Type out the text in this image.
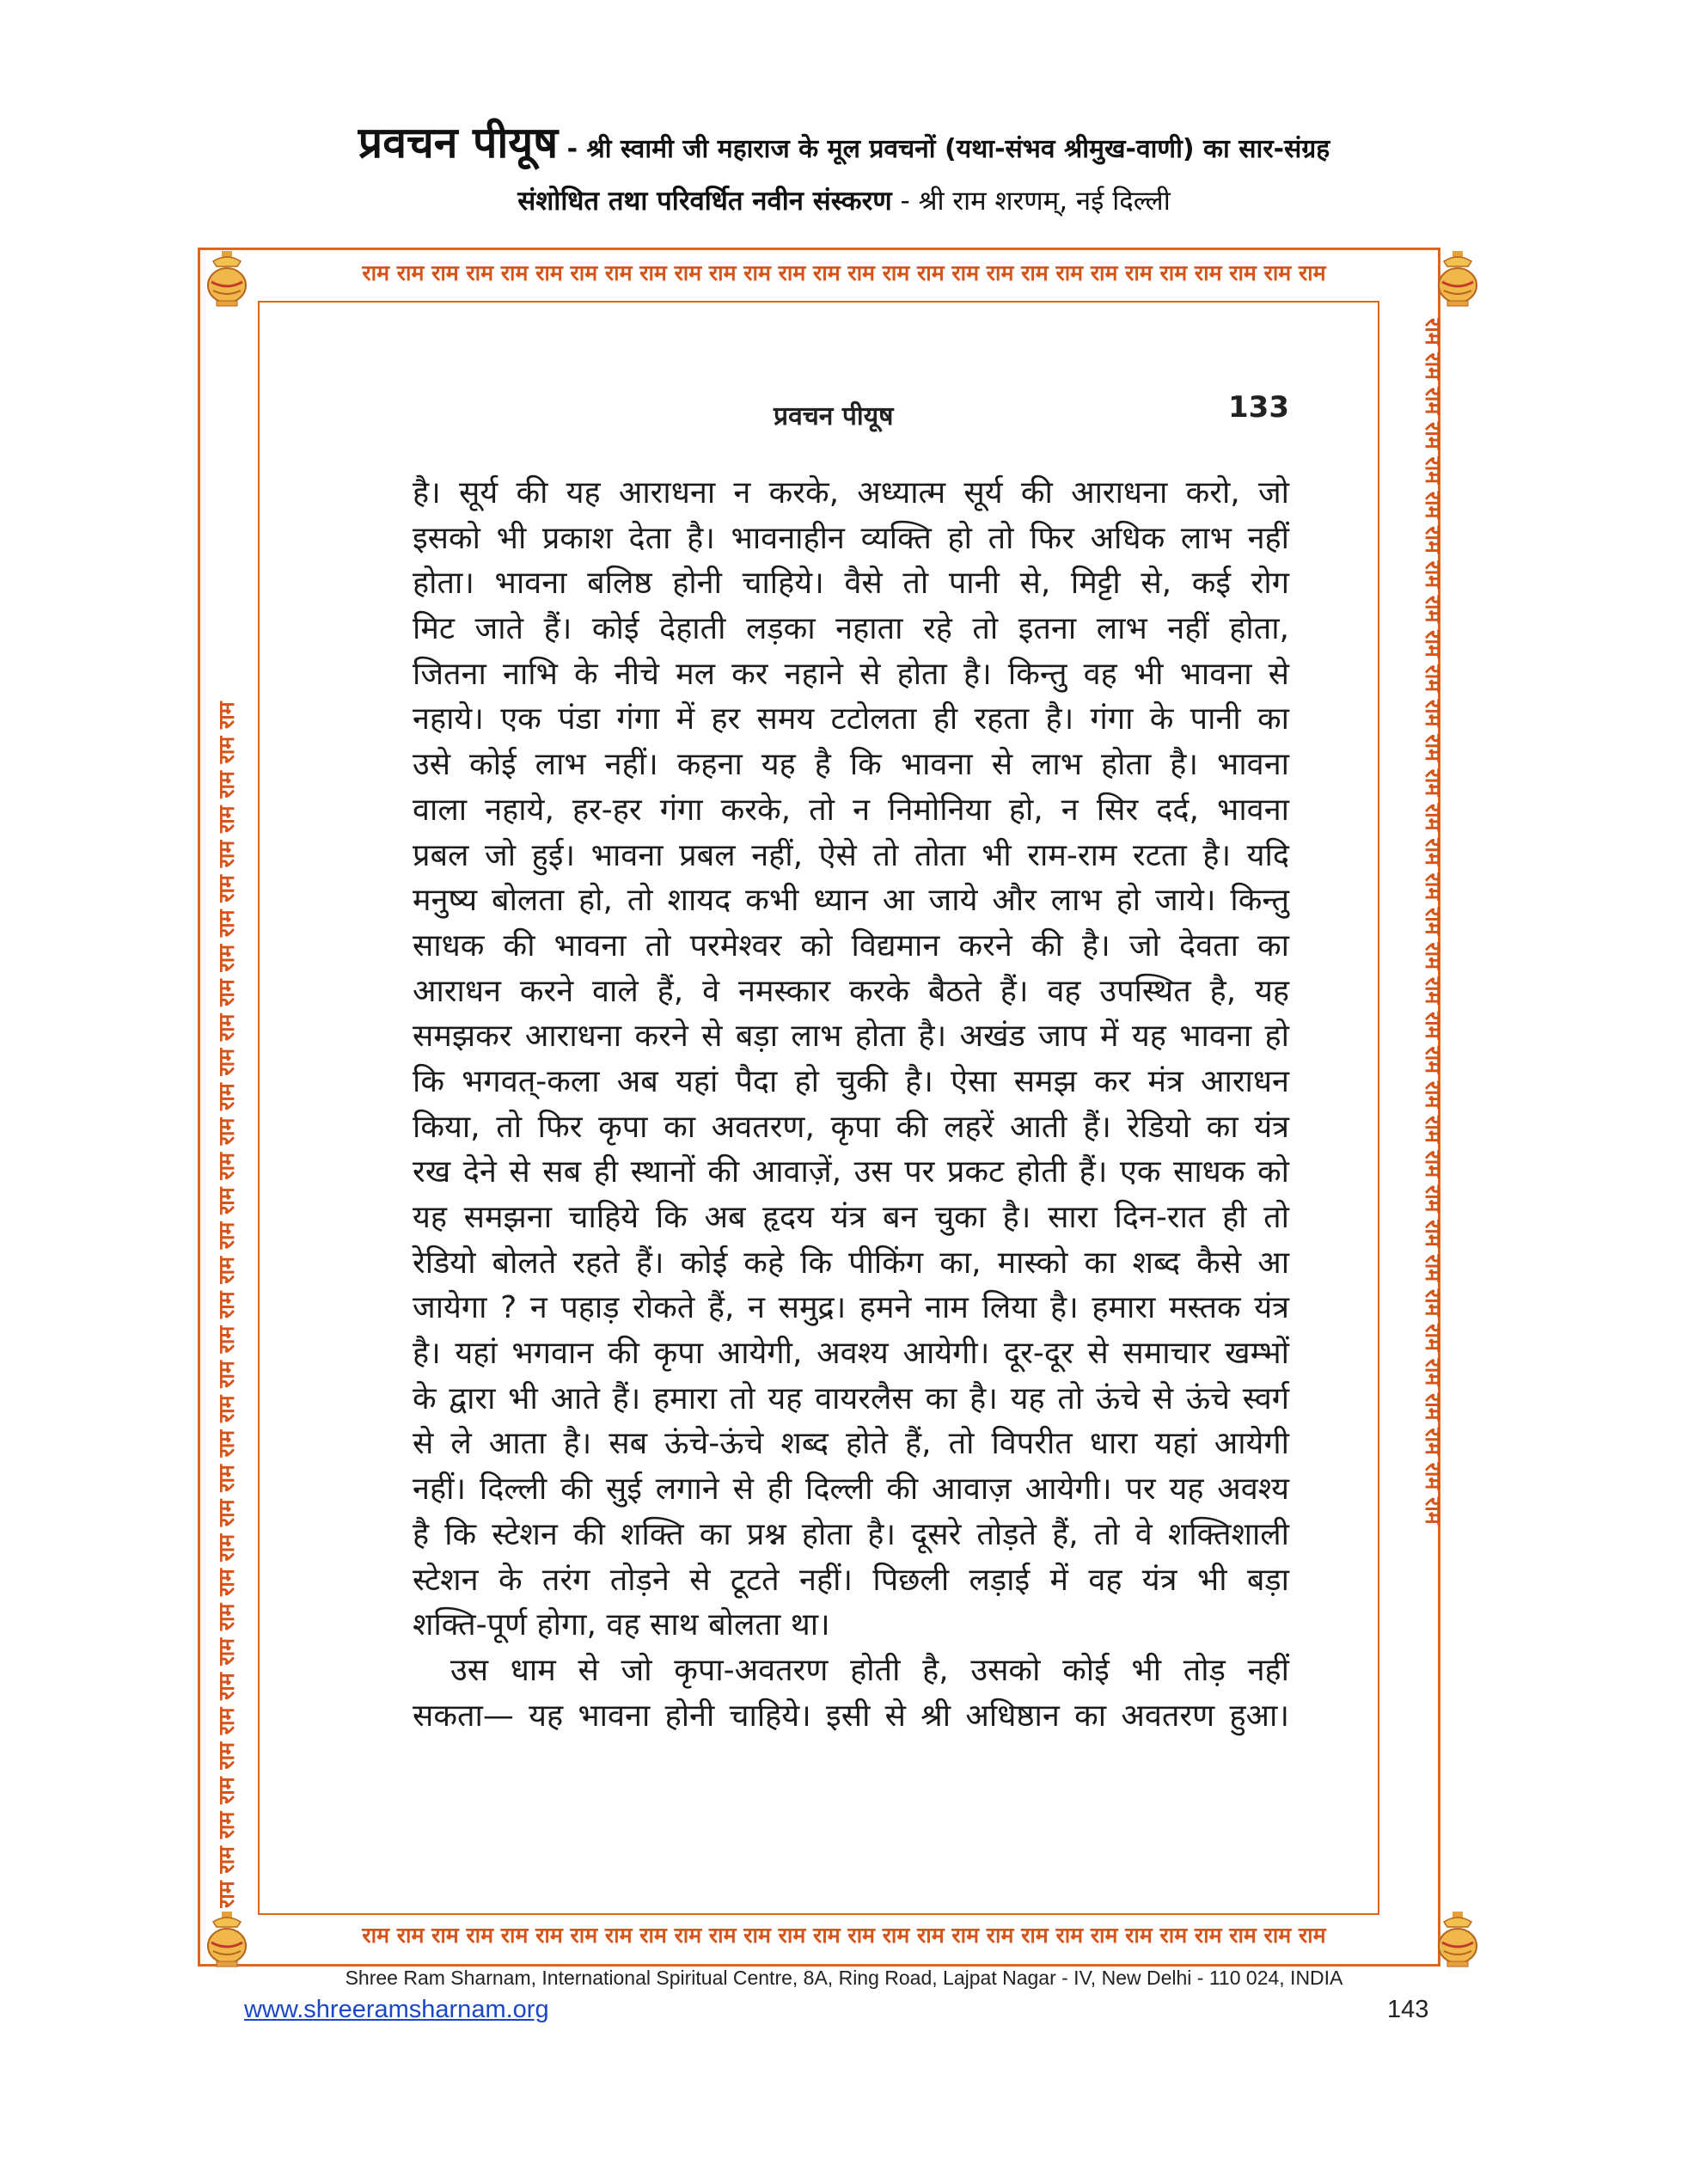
प्रवचन पीयूष - श्री स्वामी जी महाराज के मूल प्रवचनों (यथा-संभव श्रीमुख-वाणी) का सार-संग्रह
संशोधित तथा परिवर्धित नवीन संस्करण - श्री राम शरणम्, नई दिल्ली
राम राम राम राम राम राम राम राम राम राम राम राम राम राम राम राम राम राम राम राम राम राम राम राम राम राम राम राम
राम राम राम राम राम राम राम राम राम राम राम राम राम राम राम राम राम राम राम राम राम राम राम राम राम राम राम राम
राम राम राम राम राम राम राम राम राम राम राम राम राम राम राम राम राम राम राम राम राम राम राम राम राम राम राम राम राम राम राम राम राम राम राम	राम राम राम राम राम राम राम राम राम राम राम राम राम राम राम राम राम राम राम राम राम राम राम राम राम राम राम राम राम राम राम राम राम राम राम
प्रवचन पीयूष	133
है। सूर्य की यह आराधना न करके, अध्यात्म सूर्य की आराधना करो, जो
इसको भी प्रकाश देता है। भावनाहीन व्यक्ति हो तो फिर अधिक लाभ नहीं
होता। भावना बलिष्ठ होनी चाहिये। वैसे तो पानी से, मिट्टी से, कई रोग
मिट जाते हैं। कोई देहाती लड़का नहाता रहे तो इतना लाभ नहीं होता,
जितना नाभि के नीचे मल कर नहाने से होता है। किन्तु वह भी भावना से
नहाये। एक पंडा गंगा में हर समय टटोलता ही रहता है। गंगा के पानी का
उसे कोई लाभ नहीं। कहना यह है कि भावना से लाभ होता है। भावना
वाला नहाये, हर-हर गंगा करके, तो न निमोनिया हो, न सिर दर्द, भावना
प्रबल जो हुई। भावना प्रबल नहीं, ऐसे तो तोता भी राम-राम रटता है। यदि
मनुष्य बोलता हो, तो शायद कभी ध्यान आ जाये और लाभ हो जाये। किन्तु
साधक की भावना तो परमेश्वर को विद्यमान करने की है। जो देवता का
आराधन करने वाले हैं, वे नमस्कार करके बैठते हैं। वह उपस्थित है, यह
समझकर आराधना करने से बड़ा लाभ होता है। अखंड जाप में यह भावना हो
कि भगवत्-कला अब यहां पैदा हो चुकी है। ऐसा समझ कर मंत्र आराधन
किया, तो फिर कृपा का अवतरण, कृपा की लहरें आती हैं। रेडियो का यंत्र
रख देने से सब ही स्थानों की आवाज़ें, उस पर प्रकट होती हैं। एक साधक को
यह समझना चाहिये कि अब हृदय यंत्र बन चुका है। सारा दिन-रात ही तो
रेडियो बोलते रहते हैं। कोई कहे कि पीकिंग का, मास्को का शब्द कैसे आ
जायेगा ? न पहाड़ रोकते हैं, न समुद्र। हमने नाम लिया है। हमारा मस्तक यंत्र
है। यहां भगवान की कृपा आयेगी, अवश्य आयेगी। दूर-दूर से समाचार खम्भों
के द्वारा भी आते हैं। हमारा तो यह वायरलैस का है। यह तो ऊंचे से ऊंचे स्वर्ग
से ले आता है। सब ऊंचे-ऊंचे शब्द होते हैं, तो विपरीत धारा यहां आयेगी
नहीं। दिल्ली की सुई लगाने से ही दिल्ली की आवाज़ आयेगी। पर यह अवश्य
है कि स्टेशन की शक्ति का प्रश्न होता है। दूसरे तोड़ते हैं, तो वे शक्तिशाली
स्टेशन के तरंग तोड़ने से टूटते नहीं। पिछली लड़ाई में वह यंत्र भी बड़ा
शक्ति-पूर्ण होगा, वह साथ बोलता था।
उस धाम से जो कृपा-अवतरण होती है, उसको कोई भी तोड़ नहीं
सकता— यह भावना होनी चाहिये। इसी से श्री अधिष्ठान का अवतरण हुआ।
Shree Ram Sharnam, International Spiritual Centre, 8A, Ring Road, Lajpat Nagar - IV, New Delhi - 110 024, INDIA
www.shreeramsharnam.org	143
